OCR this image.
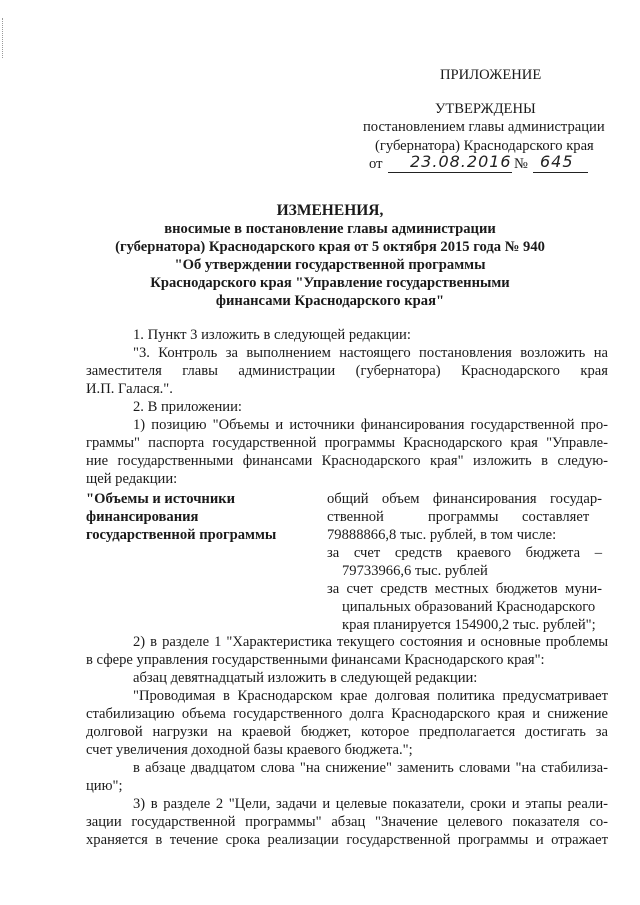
ПРИЛОЖЕНИЕ
УТВЕРЖДЕНЫ
постановлением главы администрации
(губернатора) Краснодарского края
от 23.08.2016 № 645
ИЗМЕНЕНИЯ,
вносимые в постановление главы администрации
(губернатора) Краснодарского края от 5 октября 2015 года № 940
"Об утверждении государственной программы
Краснодарского края "Управление государственными
финансами Краснодарского края"
1. Пункт 3 изложить в следующей редакции:
"3. Контроль за выполнением настоящего постановления возложить на
заместителя главы администрации (губернатора) Краснодарского края
И.П. Галася.".
2. В приложении:
1) позицию "Объемы и источники финансирования государственной про-
граммы" паспорта государственной программы Краснодарского края "Управле-
ние государственными финансами Краснодарского края" изложить в следую-
щей редакции:
"Объемы и источники
финансирования
государственной программы
общий объем финансирования государ-
ственной	программы составляет
79888866,8 тыс. рублей, в том числе:
за счет средств краевого бюджета –
79733966,6 тыс. рублей
за счет средств местных бюджетов муни-
ципальных образований Краснодарского
края планируется 154900,2 тыс. рублей";
2) в разделе 1 "Характеристика текущего состояния и основные проблемы
в сфере управления государственными финансами Краснодарского края":
абзац девятнадцатый изложить в следующей редакции:
"Проводимая в Краснодарском крае долговая политика предусматривает
стабилизацию объема государственного долга Краснодарского края и снижение
долговой нагрузки на краевой бюджет, которое предполагается достигать за
счет увеличения доходной базы краевого бюджета.";
в абзаце двадцатом слова "на снижение" заменить словами "на стабилиза-
цию";
3) в разделе 2 "Цели, задачи и целевые показатели, сроки и этапы реали-
зации государственной программы" абзац "Значение целевого показателя со-
храняется в течение срока реализации государственной программы и отражает
